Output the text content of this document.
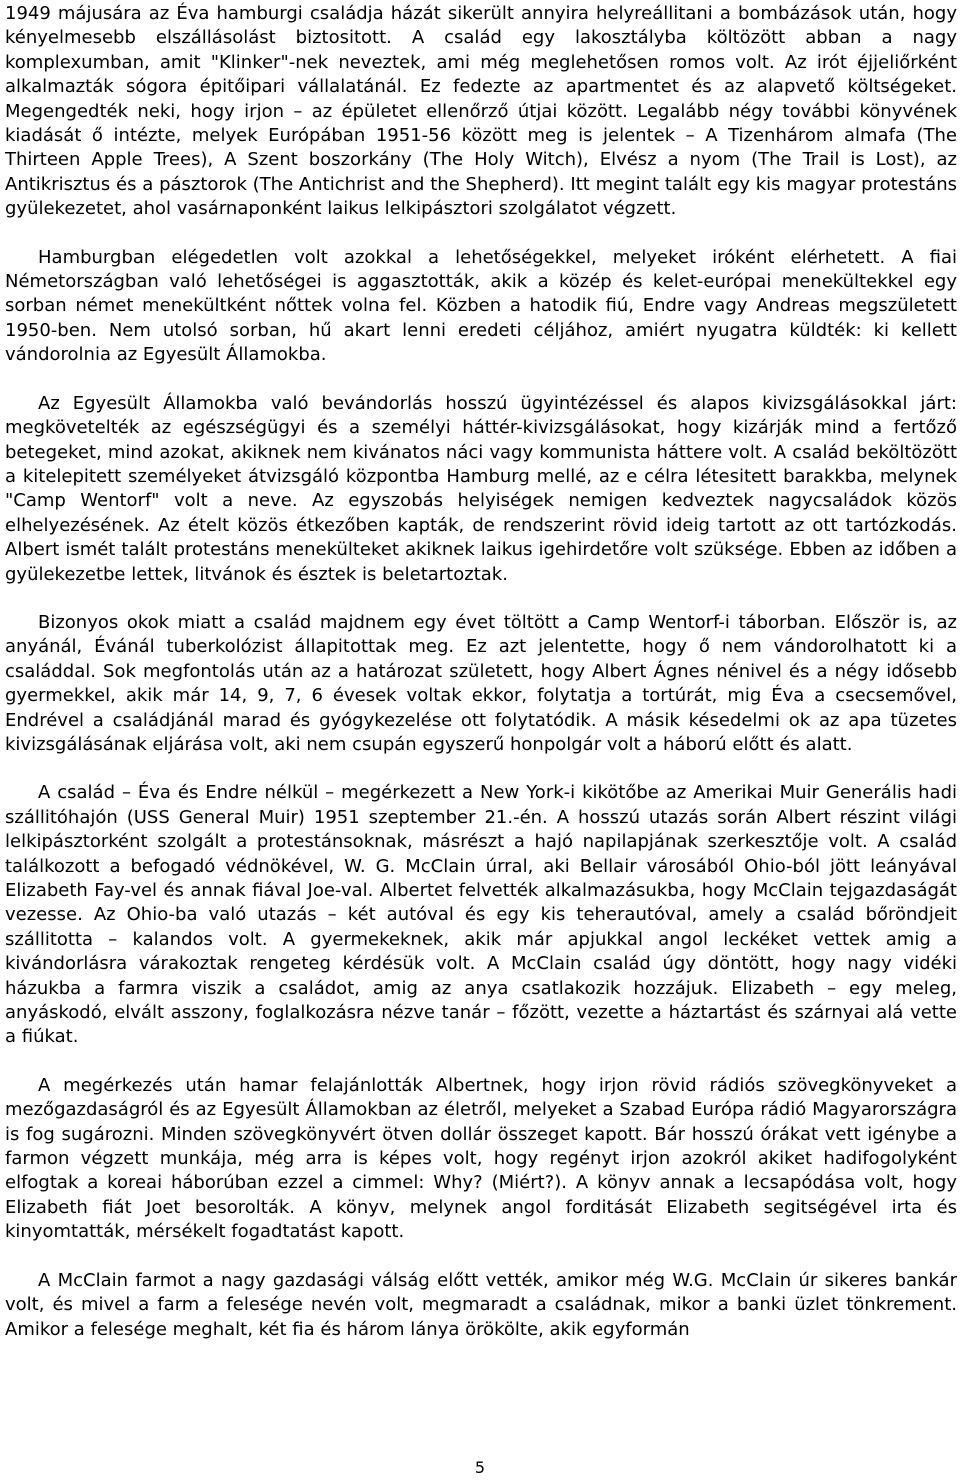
1949 májusára az Éva hamburgi családja házát sikerült annyira helyreállitani a bombázások után, hogy kényelmesebb elszállásolást biztositott. A család egy lakosztályba költözött abban a nagy komplexumban, amit "Klinker"-nek neveztek, ami még meglehetősen romos volt. Az irót éjjeliőrként alkalmazták sógora épitőipari vállalatánál. Ez fedezte az apartmentet és az alapvető költségeket. Megengedték neki, hogy irjon – az épületet ellenőrző útjai között. Legalább négy további könyvének kiadását ő intézte, melyek Európában 1951-56 között meg is jelentek – A Tizenhárom almafa (The Thirteen Apple Trees), A Szent boszorkány (The Holy Witch), Elvész a nyom (The Trail is Lost), az Antikrisztus és a pásztorok (The Antichrist and the Shepherd). Itt megint talált egy kis magyar protestáns gyülekezetet, ahol vasárnaponként laikus lelkipásztori szolgálatot végzett.

Hamburgban elégedetlen volt azokkal a lehetőségekkel, melyeket iróként elérhetett. A fiai Németországban való lehetőségei is aggasztották, akik a közép és kelet-európai menekültekkel egy sorban német menekültként nőttek volna fel. Közben a hatodik fiú, Endre vagy Andreas megszületett 1950-ben. Nem utolsó sorban, hű akart lenni eredeti céljához, amiért nyugatra küldték: ki kellett vándorolnia az Egyesült Államokba.

Az Egyesült Államokba való bevándorlás hosszú ügyintézéssel és alapos kivizsgálásokkal járt: megkövetelték az egészségügyi és a személyi háttér-kivizsgálásokat, hogy kizárják mind a fertőző betegeket, mind azokat, akiknek nem kivánatos náci vagy kommunista háttere volt. A család beköltözött a kitelepitett személyeket átvizsgáló központba Hamburg mellé, az e célra létesitett barakkba, melynek "Camp Wentorf" volt a neve. Az egyszobás helyiségek nemigen kedveztek nagycsaládok közös elhelyezésének. Az ételt közös étkezőben kapták, de rendszerint rövid ideig tartott az ott tartózkodás. Albert ismét talált protestáns menekülteket akiknek laikus igehirdetőre volt szüksége. Ebben az időben a gyülekezetbe lettek, litvánok és észtek is beletartoztak.

Bizonyos okok miatt a család majdnem egy évet töltött a Camp Wentorf-i táborban. Először is, az anyánál, Évánál tuberkolózist állapitottak meg. Ez azt jelentette, hogy ő nem vándorolhatott ki a családdal. Sok megfontolás után az a határozat született, hogy Albert Ágnes nénivel és a négy idősebb gyermekkel, akik már 14, 9, 7, 6 évesek voltak ekkor, folytatja a tortúrát, mig Éva a csecsemővel, Endrével a családjánál marad és gyógykezelése ott folytatódik. A másik késedelmi ok az apa tüzetes kivizsgálásának eljárása volt, aki nem csupán egyszerű honpolgár volt a háború előtt és alatt.

A család – Éva és Endre nélkül – megérkezett a New York-i kikötőbe az Amerikai Muir Generális hadi szállitóhajón (USS General Muir) 1951 szeptember 21.-én. A hosszú utazás során Albert részint világi lelkipásztorként szolgált a protestánsoknak, másrészt a hajó napilapjának szerkesztője volt. A család találkozott a befogadó védnökével, W. G. McClain úrral, aki Bellair városából Ohio-ból jött leányával Elizabeth Fay-vel és annak fiával Joe-val. Albertet felvették alkalmazásukba, hogy McClain tejgazdaságát vezesse. Az Ohio-ba való utazás – két autóval és egy kis teherautóval, amely a család bőröndjeit szállitotta – kalandos volt. A gyermekeknek, akik már apjukkal angol leckéket vettek amig a kivándorlásra várakoztak rengeteg kérdésük volt. A McClain család úgy döntött, hogy nagy vidéki házukba a farmra viszik a családot, amig az anya csatlakozik hozzájuk. Elizabeth – egy meleg, anyáskodó, elvált asszony, foglalkozásra nézve tanár – főzött, vezette a háztartást és szárnyai alá vette a fiúkat.

A megérkezés után hamar felajánlották Albertnek, hogy irjon rövid rádiós szövegkönyveket a mezőgazdaságról és az Egyesült Államokban az életről, melyeket a Szabad Európa rádió Magyarországra is fog sugározni. Minden szövegkönyvért ötven dollár összeget kapott. Bár hosszú órákat vett igénybe a farmon végzett munkája, még arra is képes volt, hogy regényt irjon azokról akiket hadifogolyként elfogtak a koreai háborúban ezzel a cimmel: Why? (Miért?). A könyv annak a lecsapódása volt, hogy Elizabeth fiát Joet besorolták. A könyv, melynek angol forditását Elizabeth segitségével irta és kinyomtatták, mérsékelt fogadtatást kapott.

A McClain farmot a nagy gazdasági válság előtt vették, amikor még W.G. McClain úr sikeres bankár volt, és mivel a farm a felesége nevén volt, megmaradt a családnak, mikor a banki üzlet tönkrement. Amikor a felesége meghalt, két fia és három lánya örökölte, akik egyformán

5
